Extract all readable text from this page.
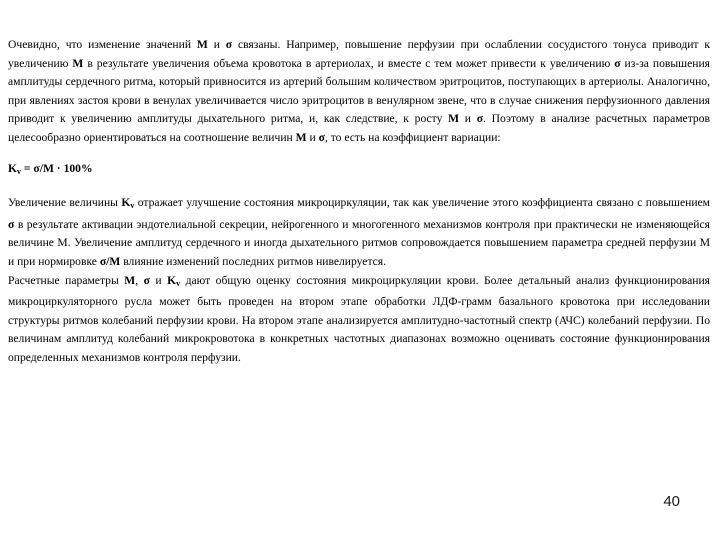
Очевидно, что изменение значений М и σ связаны. Например, повышение перфузии при ослаблении сосудистого тонуса приводит к увеличению М в результате увеличения объема кровотока в артериолах, и вместе с тем может привести к увеличению σ из-за повышения амплитуды сердечного ритма, который привносится из артерий большим количеством эритроцитов, поступающих в артериолы. Аналогично, при явлениях застоя крови в венулах увеличивается число эритроцитов в венулярном звене, что в случае снижения перфузионного давления приводит к увеличению амплитуды дыхательного ритма, и, как следствие, к росту М и σ. Поэтому в анализе расчетных параметров целесообразно ориентироваться на соотношение величин М и σ, то есть на коэффициент вариации:

$K_v = \sigma/M \cdot 100\%$

Увеличение величины $K_v$ отражает улучшение состояния микроциркуляции, так как увеличение этого коэффициента связано с повышением σ в результате активации эндотелиальной секреции, нейрогенного и многогенного механизмов контроля при практически не изменяющейся величине М. Увеличение амплитуд сердечного и иногда дыхательного ритмов сопровождается повышением параметра средней перфузии М и при нормировке σ/M влияние изменений последних ритмов нивелируется.

Расчетные параметры М, σ и $K_v$ дают общую оценку состояния микроциркуляции крови. Более детальный анализ функционирования микроциркуляторного русла может быть проведен на втором этапе обработки ЛДФ-грамм базального кровотока при исследовании структуры ритмов колебаний перфузии крови. На втором этапе анализируется амплитудно-частотный спектр (АЧС) колебаний перфузии. По величинам амплитуд колебаний микрокровотока в конкретных частотных диапазонах возможно оценивать состояние функционирования определенных механизмов контроля перфузии.

40
